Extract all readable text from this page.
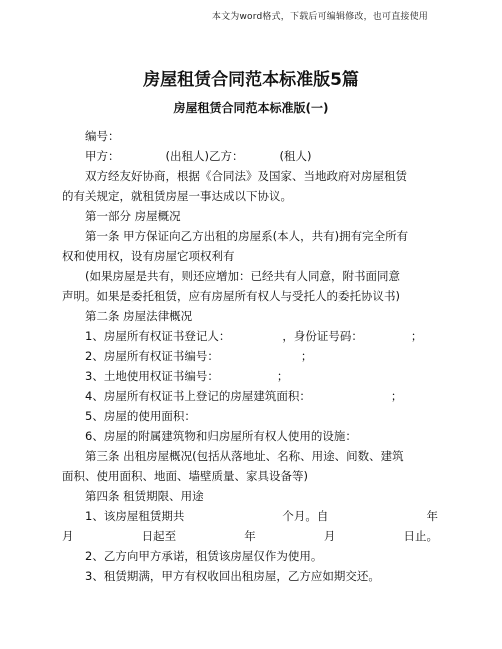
本文为word格式，下载后可编辑修改，也可直接使用
房屋租赁合同范本标准版5篇
房屋租赁合同范本标准版(一)
编号：
甲方：	(出租人)乙方：	(租人)
双方经友好协商，根据《合同法》及国家、当地政府对房屋租赁
的有关规定，就租赁房屋一事达成以下协议。
第一部分 房屋概况
第一条 甲方保证向乙方出租的房屋系(本人，共有)拥有完全所有
权和使用权，设有房屋它项权利有
(如果房屋是共有，则还应增加：已经共有人同意，附书面同意
声明。如果是委托租赁，应有房屋所有权人与受托人的委托协议书)
第二条 房屋法律概况
1、房屋所有权证书登记人：	，身份证号码：	；
2、房屋所有权证书编号：	；
3、土地使用权证书编号：	；
4、房屋所有权证书上登记的房屋建筑面积：	；
5、房屋的使用面积：
6、房屋的附属建筑物和归房屋所有权人使用的设施：
第三条 出租房屋概况(包括从落地址、名称、用途、间数、建筑
面积、使用面积、地面、墙壁质量、家具设备等)
第四条 租赁期限、用途
1、该房屋租赁期共	个月。自	年
月	日起至	年	月	日止。
2、乙方向甲方承诺，租赁该房屋仅作为使用。
3、租赁期满，甲方有权收回出租房屋，乙方应如期交还。
